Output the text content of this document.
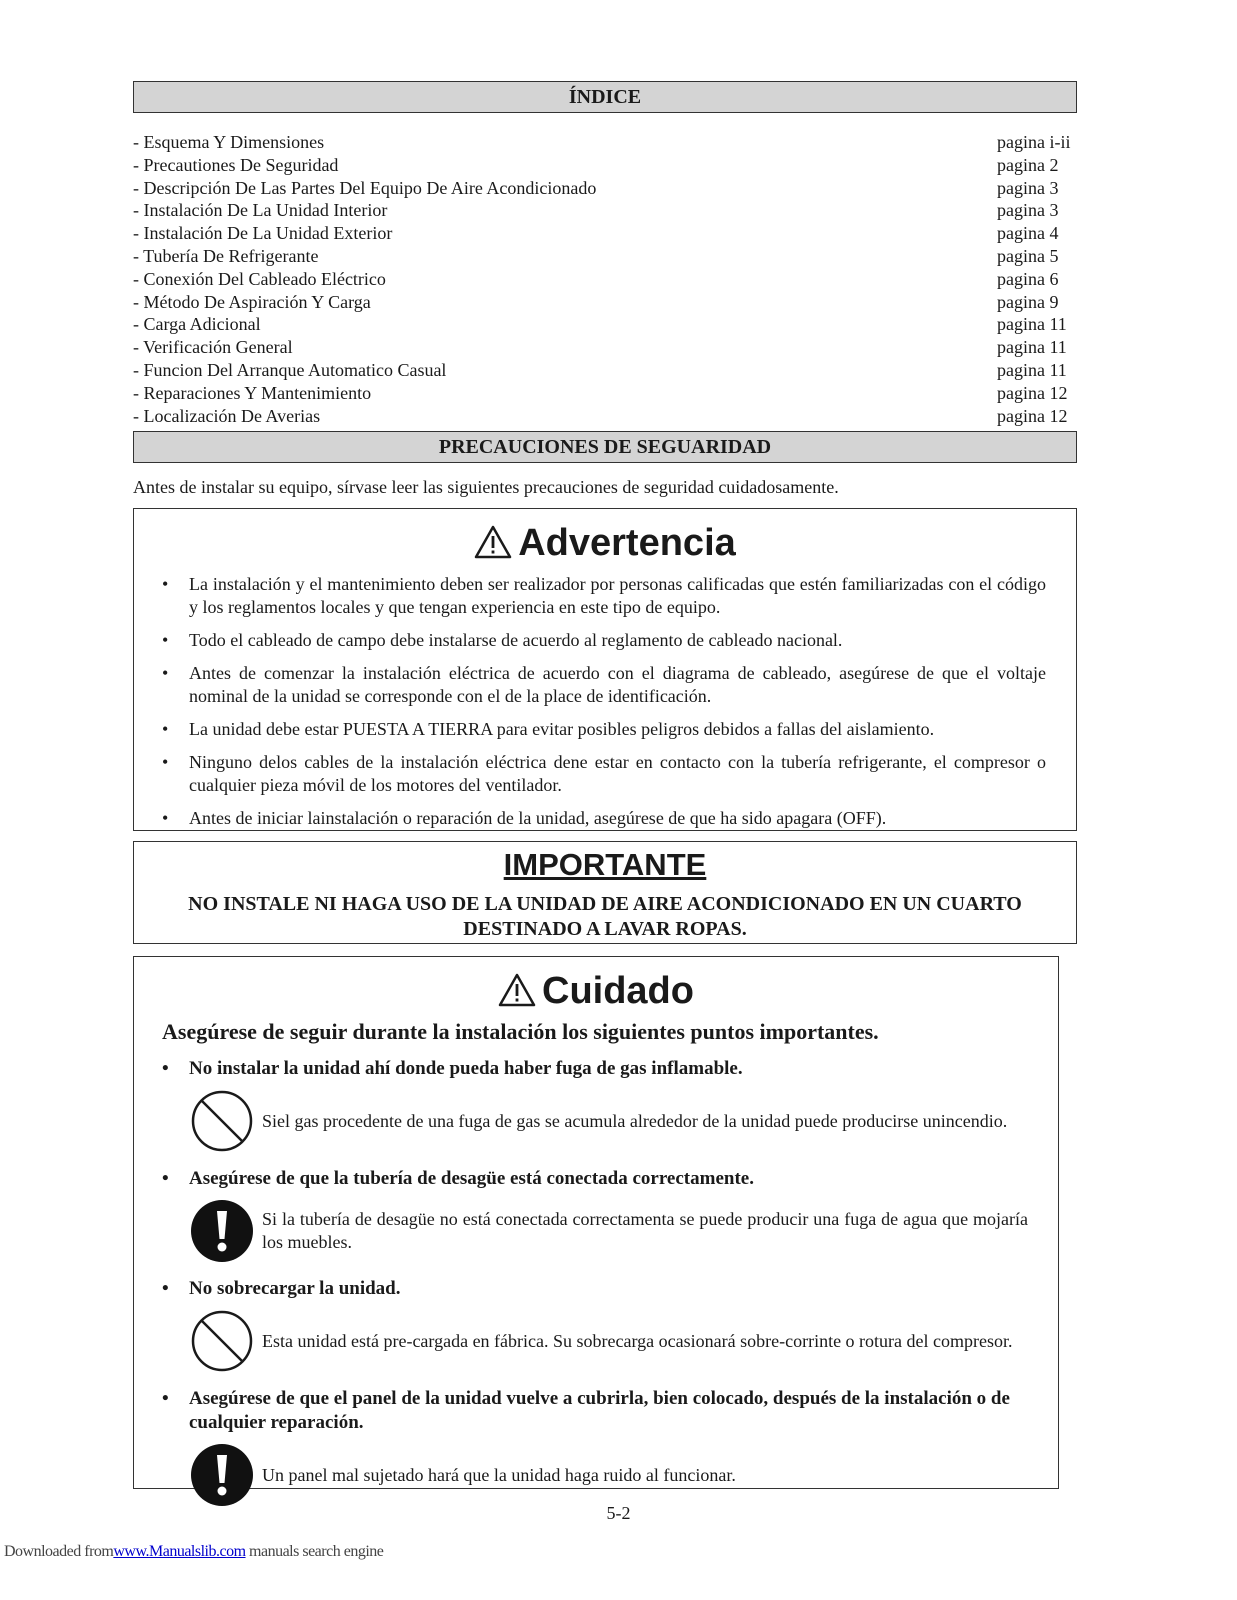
ÍNDICE
- Esquema Y Dimensiones	pagina i-ii
- Precautiones De Seguridad	pagina 2
- Descripción De Las Partes Del Equipo De Aire Acondicionado	pagina 3
- Instalación De La Unidad Interior	pagina 3
- Instalación De La Unidad Exterior	pagina 4
- Tubería De Refrigerante	pagina 5
- Conexión Del Cableado Eléctrico	pagina 6
- Método De Aspiración Y Carga	pagina 9
- Carga Adicional	pagina 11
- Verificación General	pagina 11
- Funcion Del Arranque Automatico Casual	pagina 11
- Reparaciones Y Mantenimiento	pagina 12
- Localización De Averias	pagina 12
PRECAUCIONES DE SEGUARIDAD
Antes de instalar su equipo, sírvase leer las siguientes precauciones de seguridad cuidadosamente.
Advertencia
• La instalación y el mantenimiento deben ser realizador por personas calificadas que estén familiarizadas con el código y los reglamentos locales y que tengan experiencia en este tipo de equipo.
• Todo el cableado de campo debe instalarse de acuerdo al reglamento de cableado nacional.
• Antes de comenzar la instalación eléctrica de acuerdo con el diagrama de cableado, asegúrese de que el voltaje nominal de la unidad se corresponde con el de la place de identificación.
• La unidad debe estar PUESTA A TIERRA para evitar posibles peligros debidos a fallas del aislamiento.
• Ninguno delos cables de la instalación eléctrica dene estar en contacto con la tubería refrigerante, el compresor o cualquier pieza móvil de los motores del ventilador.
• Antes de iniciar lainstalación o reparación de la unidad, asegúrese de que ha sido apagara (OFF).
IMPORTANTE
NO INSTALE NI HAGA USO DE LA UNIDAD DE AIRE ACONDICIONADO EN UN CUARTO DESTINADO A LAVAR ROPAS.
Cuidado
Asegúrese de seguir durante la instalación los siguientes puntos importantes.
• No instalar la unidad ahí donde pueda haber fuga de gas inflamable.
Siel gas procedente de una fuga de gas se acumula alrededor de la unidad puede producirse unincendio.
• Asegúrese de que la tubería de desagüe está conectada correctamente.
Si la tubería de desagüe no está conectada correctamenta se puede producir una fuga de agua que mojaría los muebles.
• No sobrecargar la unidad.
Esta unidad está pre-cargada en fábrica. Su sobrecarga ocasionará sobre-corrinte o rotura del compresor.
• Asegúrese de que el panel de la unidad vuelve a cubrirla, bien colocado, después de la instalación o de cualquier reparación.
Un panel mal sujetado hará que la unidad haga ruido al funcionar.
5-2
Downloaded fromwww.Manualslib.com manuals search engine
